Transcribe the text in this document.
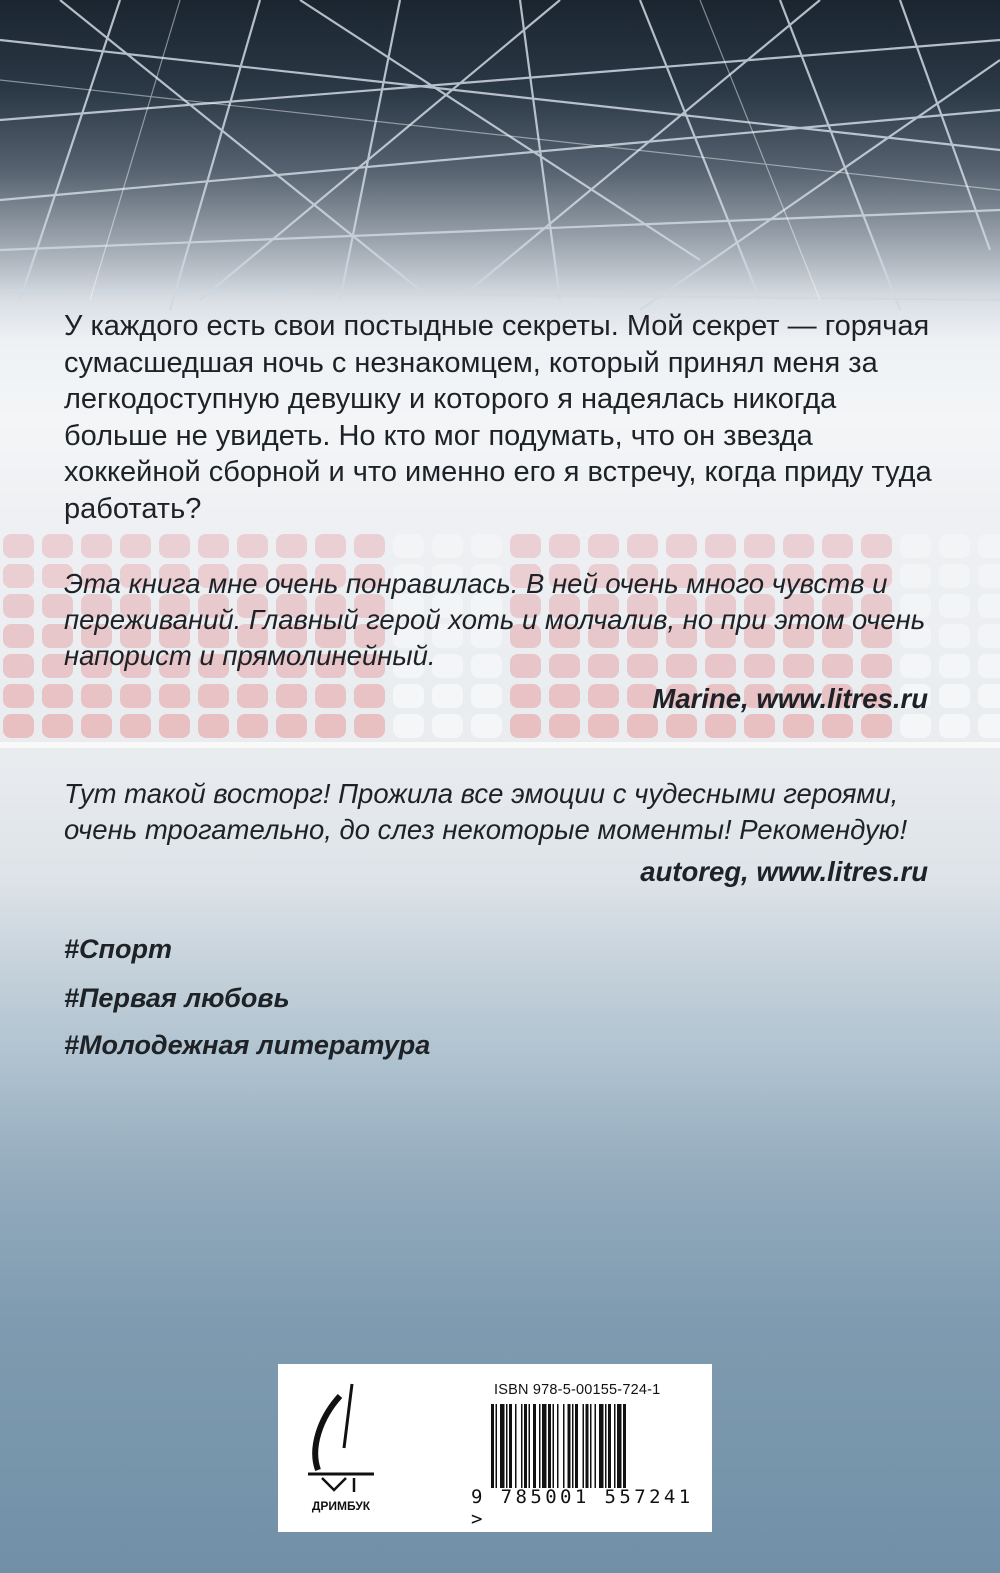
У каждого есть свои постыдные секреты. Мой секрет — горячая сумасшедшая ночь с незнакомцем, который принял меня за легкодоступную девушку и которого я надеялась никогда больше не увидеть. Но кто мог подумать, что он звезда хоккейной сборной и что именно его я встречу, когда приду туда работать?

Эта книга мне очень понравилась. В ней очень много чувств и переживаний. Главный герой хоть и молчалив, но при этом очень напорист и прямолинейный.

Marine, www.litres.ru

Тут такой восторг! Прожила все эмоции с чудесными героями, очень трогательно, до слез некоторые моменты! Рекомендую!

autoreg, www.litres.ru

#Спорт

#Первая любовь

#Молодежная литература

ДРИМБУК

ISBN 978-5-00155-724-1

9 785001 557241 >
